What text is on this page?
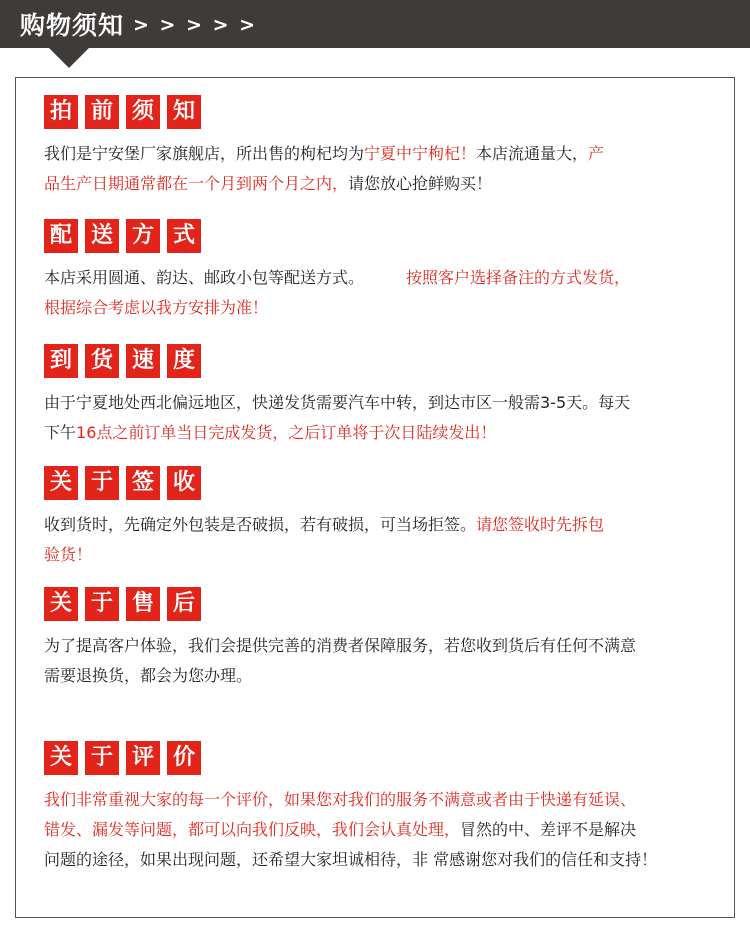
购物须知 > > > > >
拍 前 须 知
我们是宁安堡厂家旗舰店，所出售的枸杞均为宁夏中宁枸杞！本店流通量大，产
品生产日期通常都在一个月到两个月之内，请您放心抢鲜购买！
配 送 方 式
本店采用圆通、韵达、邮政小包等配送方式。	按照客户选择备注的方式发货，
根据综合考虑以我方安排为准！
到 货 速 度
由于宁夏地处西北偏远地区，快递发货需要汽车中转，到达市区一般需3-5天。每天
下午16点之前订单当日完成发货，之后订单将于次日陆续发出！
关 于 签 收
收到货时，先确定外包装是否破损，若有破损，可当场拒签。请您签收时先拆包
验货！
关 于 售 后
为了提高客户体验，我们会提供完善的消费者保障服务，若您收到货后有任何不满意
需要退换货，都会为您办理。
关 于 评 价
我们非常重视大家的每一个评价，如果您对我们的服务不满意或者由于快递有延误、
错发、漏发等问题，都可以向我们反映，我们会认真处理，冒然的中、差评不是解决
问题的途径，如果出现问题，还希望大家坦诚相待，非 常感谢您对我们的信任和支持！
